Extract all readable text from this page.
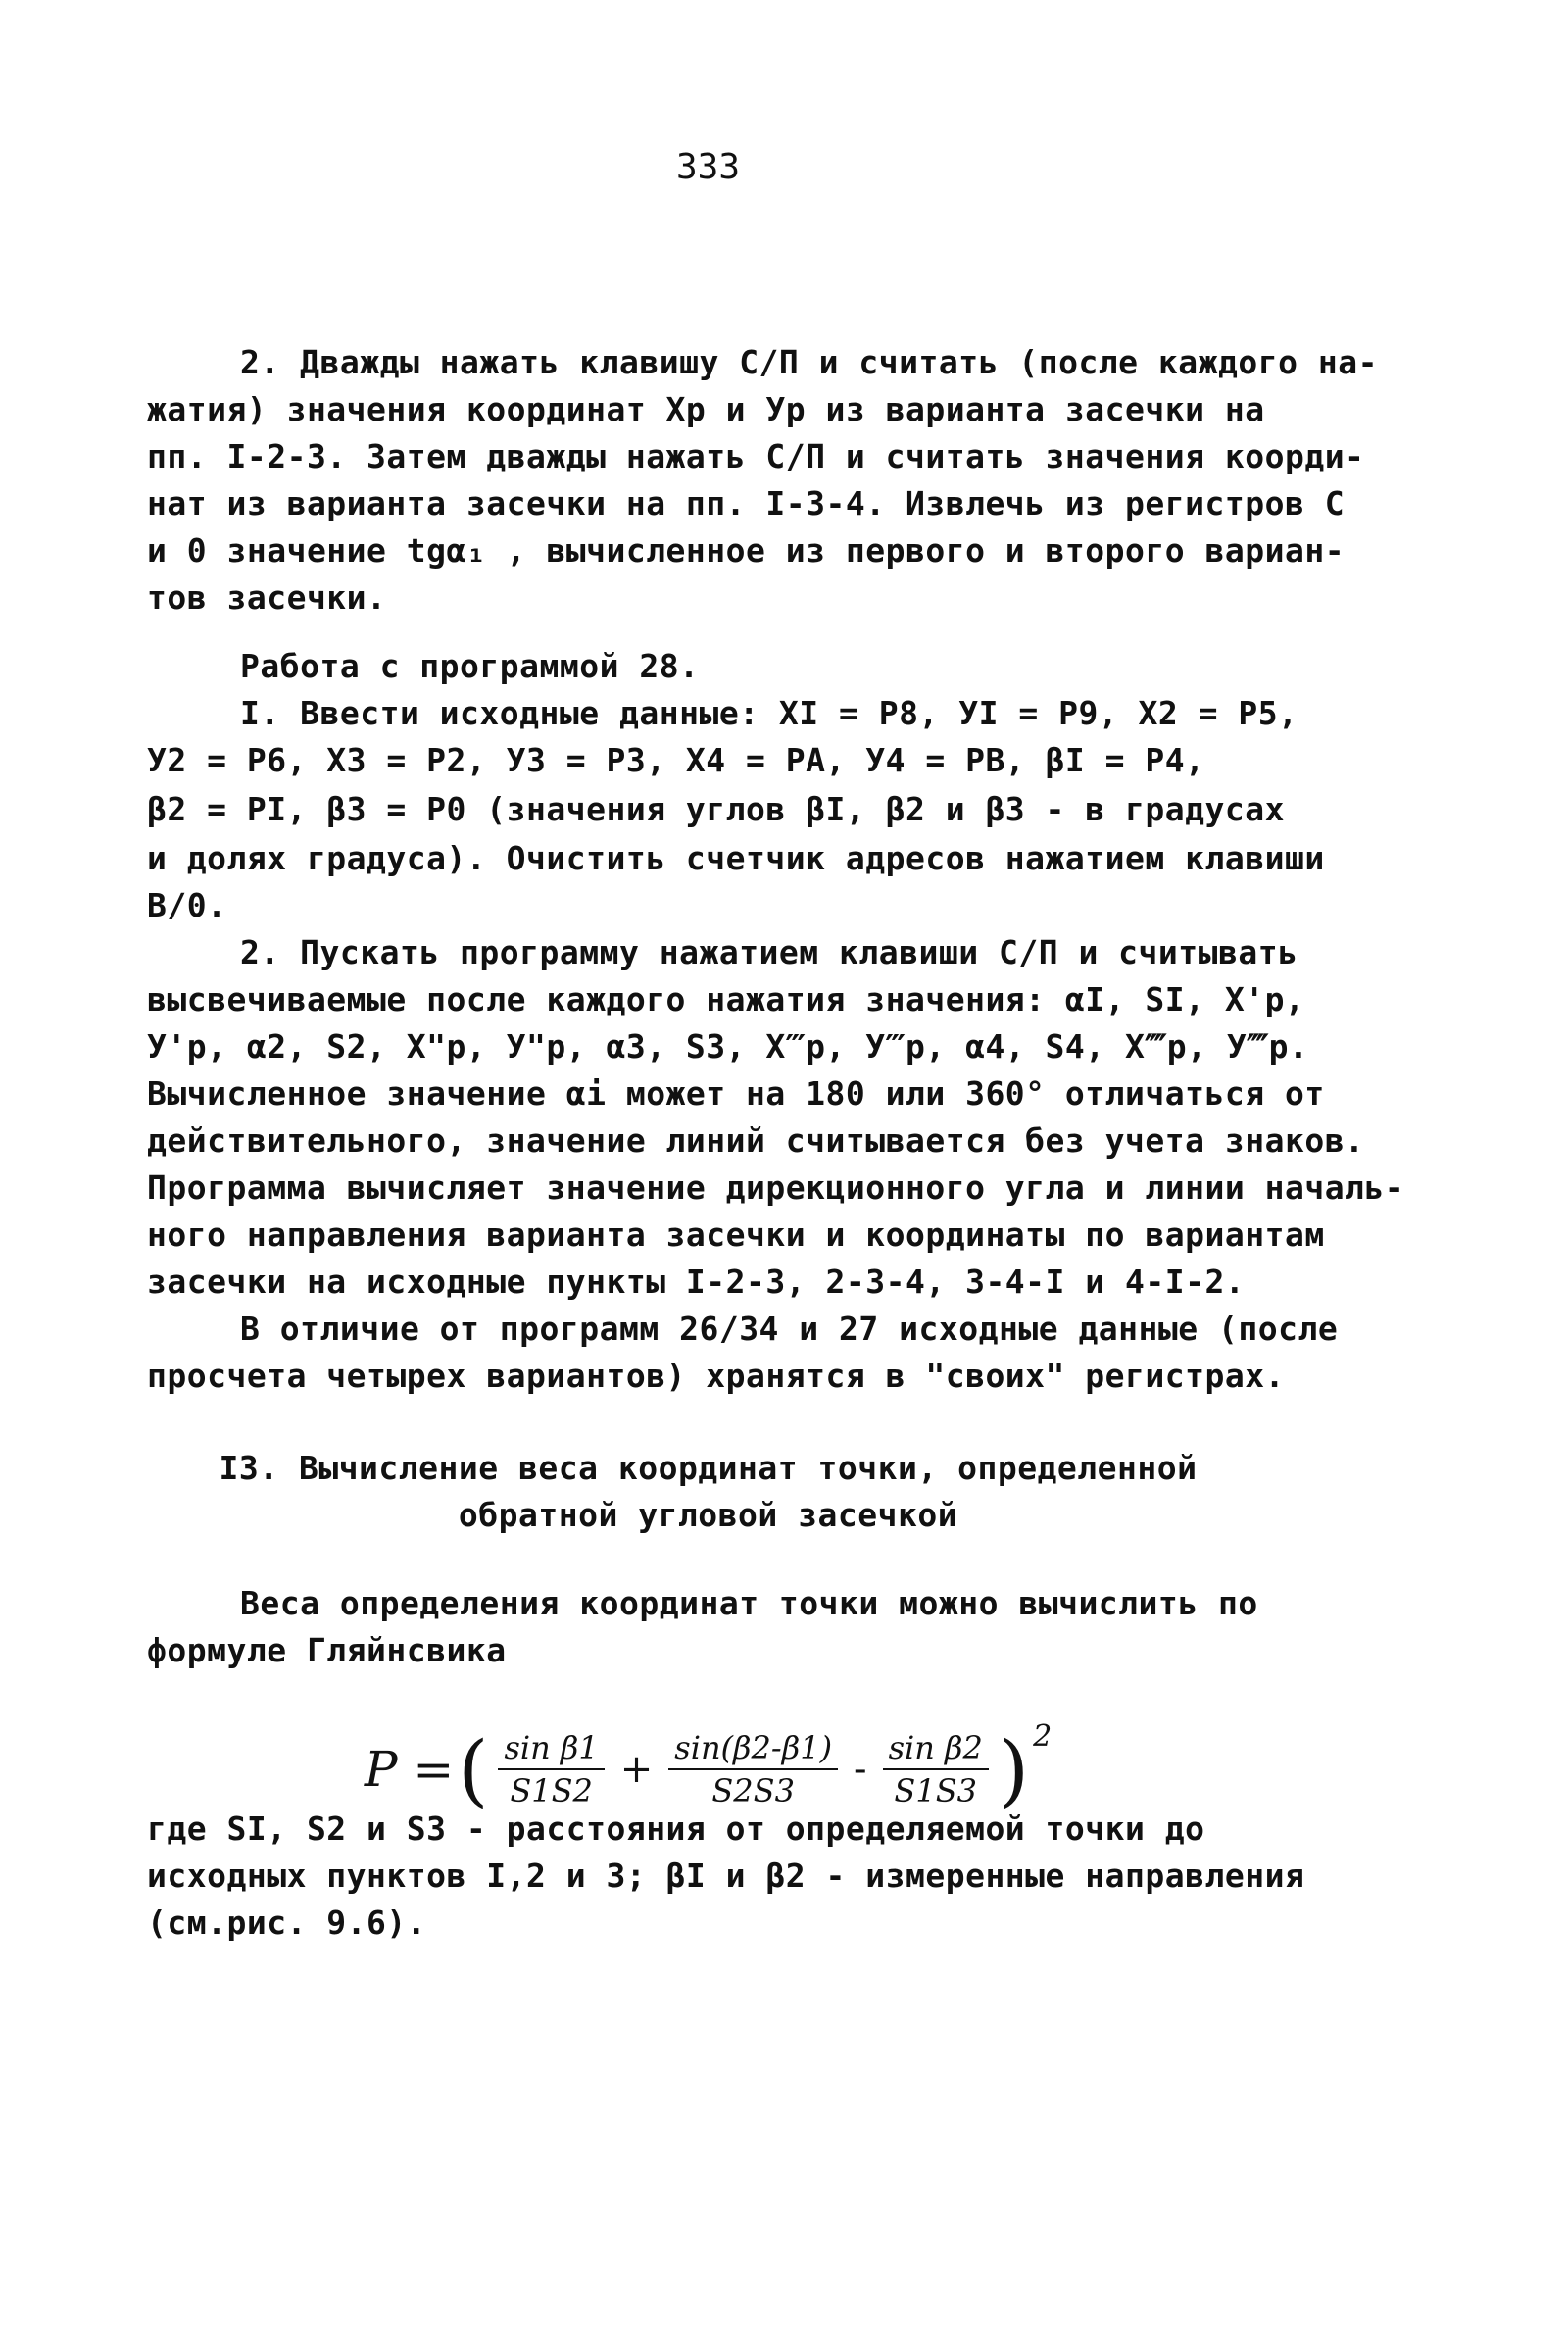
333
2. Дважды нажать клавишу С/П и считать (после каждого на-
жатия) значения координат Xр и Ур из варианта засечки на
пп. I-2-3. Затем дважды нажать С/П и считать значения коорди-
нат из варианта засечки на пп. I-3-4. Извлечь из регистров С
и 0 значение tgα₁ , вычисленное из первого и второго вариан-
тов засечки.
Работа с программой 28.
I. Ввести исходные данные: XI = P8, УI = P9, X2 = P5,
У2 = P6, X3 = P2, У3 = P3, X4 = PA, У4 = PB, βI = P4,
β2 = PI, β3 = P0 (значения углов βI, β2 и β3 - в градусах
и долях градуса). Очистить счетчик адресов нажатием клавиши
В/0.
2. Пускать программу нажатием клавиши С/П и считывать
высвечиваемые после каждого нажатия значения: αI, SI, X'р,
У'р, α2, S2, X"р, У"р, α3, S3, X‴р, У‴р, α4, S4, X⁗р, У⁗р.
Вычисленное значение αi может на 180 или 360° отличаться от
действительного, значение линий считывается без учета знаков.
Программа вычисляет значение дирекционного угла и линии началь-
ного направления варианта засечки и координаты по вариантам
засечки на исходные пункты I-2-3, 2-3-4, 3-4-I и 4-I-2.
В отличие от программ 26/34 и 27 исходные данные (после
просчета четырех вариантов) хранятся в "своих" регистрах.
Веса определения координат точки можно вычислить по
формуле Гляйнсвика
где SI, S2 и S3 - расстояния от определяемой точки до
исходных пунктов I,2 и 3; βI и β2 - измеренные направления
(см.рис. 9.6).
I3. Вычисление веса координат точки, определенной
обратной угловой засечкой
P = ( $\frac{\text{sin β1}}{S1S2} + \frac{\sin(\beta 2-\beta 1)}{S2S3} - \frac{\text{sin β2}}{S1S3}$ ) 2
